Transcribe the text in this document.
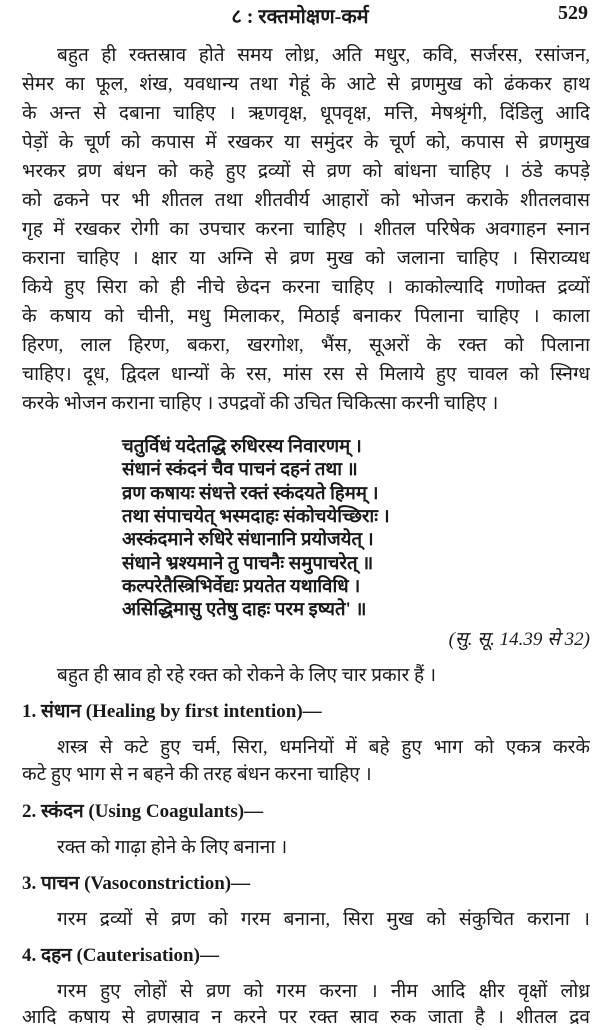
८ : रक्तमोक्षण-कर्म	529
बहुत ही रक्तस्राव होते समय लोध्र, अति मधुर, कवि, सर्जरस, रसांजन,
सेमर का फूल, शंख, यवधान्य तथा गेहूं के आटे से व्रणमुख को ढंककर हाथ
के अन्त से दबाना चाहिए । ऋणवृक्ष, धूपवृक्ष, मत्ति, मेषश्रृंगी, दिंडिलु आदि
पेड़ों के चूर्ण को कपास में रखकर या समुंदर के चूर्ण को, कपास से व्रणमुख
भरकर व्रण बंधन को कहे हुए द्रव्यों से व्रण को बांधना चाहिए । ठंडे कपड़े
को ढकने पर भी शीतल तथा शीतवीर्य आहारों को भोजन कराके शीतलवास
गृह में रखकर रोगी का उपचार करना चाहिए । शीतल परिषेक अवगाहन स्नान
कराना चाहिए । क्षार या अग्नि से व्रण मुख को जलाना चाहिए । सिराव्यध
किये हुए सिरा को ही नीचे छेदन करना चाहिए । काकोल्यादि गणोक्त द्रव्यों
के कषाय को चीनी, मधु मिलाकर, मिठाई बनाकर पिलाना चाहिए । काला
हिरण, लाल हिरण, बकरा, खरगोश, भैंस, सूअरों के रक्त को पिलाना
चाहिए। दूध, द्विदल धान्यों के रस, मांस रस से मिलाये हुए चावल को स्निग्ध
करके भोजन कराना चाहिए । उपद्रवों की उचित चिकित्सा करनी चाहिए ।
चतुर्विधं यदेतद्धि रुधिरस्य निवारणम् ।
संधानं स्कंदनं चैव पाचनं दहनं तथा ॥
व्रण कषायः संधत्ते रक्तं स्कंदयते हिमम् ।
तथा संपाचयेत् भस्मदाहः संकोचयेच्छिराः ।
अस्कंदमाने रुधिरे संधानानि प्रयोजयेत् ।
संधाने भ्रश्यमाने तु पाचनैः समुपाचरेत् ॥
कल्परेतैस्त्रिभिर्वेद्यः प्रयतेत यथाविधि ।
असिद्धिमासु एतेषु दाहः परम इष्यते' ॥
(सु. सू. 14.39 से 32)
बहुत ही स्राव हो रहे रक्त को रोकने के लिए चार प्रकार हैं ।
1. संधान (Healing by first intention)—
शस्त्र से कटे हुए चर्म, सिरा, धमनियों में बहे हुए भाग को एकत्र करके
कटे हुए भाग से न बहने की तरह बंधन करना चाहिए ।
2. स्कंदन (Using Coagulants)—
रक्त को गाढ़ा होने के लिए बनाना ।
3. पाचन (Vasoconstriction)—
गरम द्रव्यों से व्रण को गरम बनाना, सिरा मुख को संकुचित कराना ।
4. दहन (Cauterisation)—
गरम हुए लोहों से व्रण को गरम करना । नीम आदि क्षीर वृक्षों लोध्र
आदि कषाय से व्रणस्राव न करने पर रक्त स्राव रुक जाता है । शीतल द्रव
